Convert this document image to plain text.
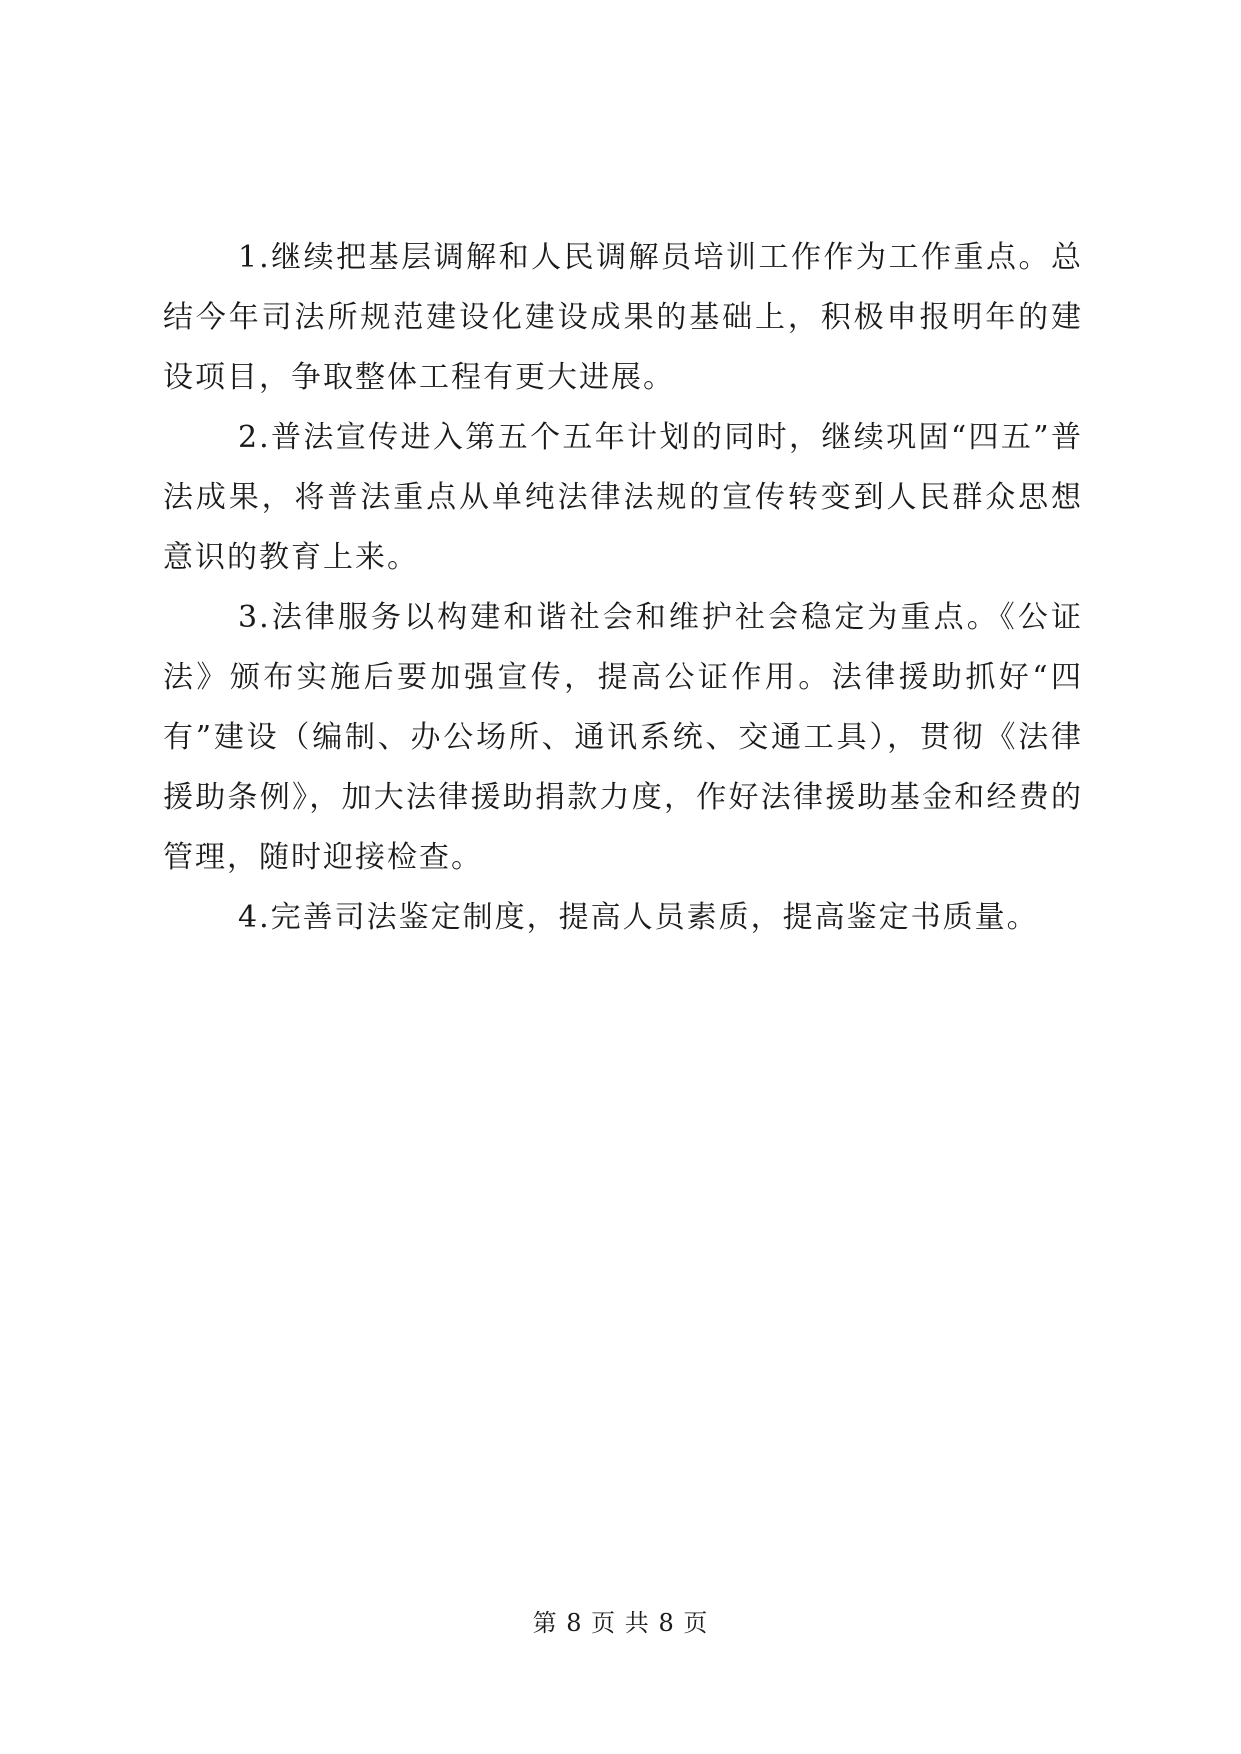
1.继续把基层调解和人民调解员培训工作作为工作重点。总结今年司法所规范建设化建设成果的基础上，积极申报明年的建设项目，争取整体工程有更大进展。

2.普法宣传进入第五个五年计划的同时，继续巩固“四五”普法成果，将普法重点从单纯法律法规的宣传转变到人民群众思想意识的教育上来。

3.法律服务以构建和谐社会和维护社会稳定为重点。《公证法》颁布实施后要加强宣传，提高公证作用。法律援助抓好“四有”建设（编制、办公场所、通讯系统、交通工具），贯彻《法律援助条例》，加大法律援助捐款力度，作好法律援助基金和经费的管理，随时迎接检查。

4.完善司法鉴定制度，提高人员素质，提高鉴定书质量。

第 8 页 共 8 页
